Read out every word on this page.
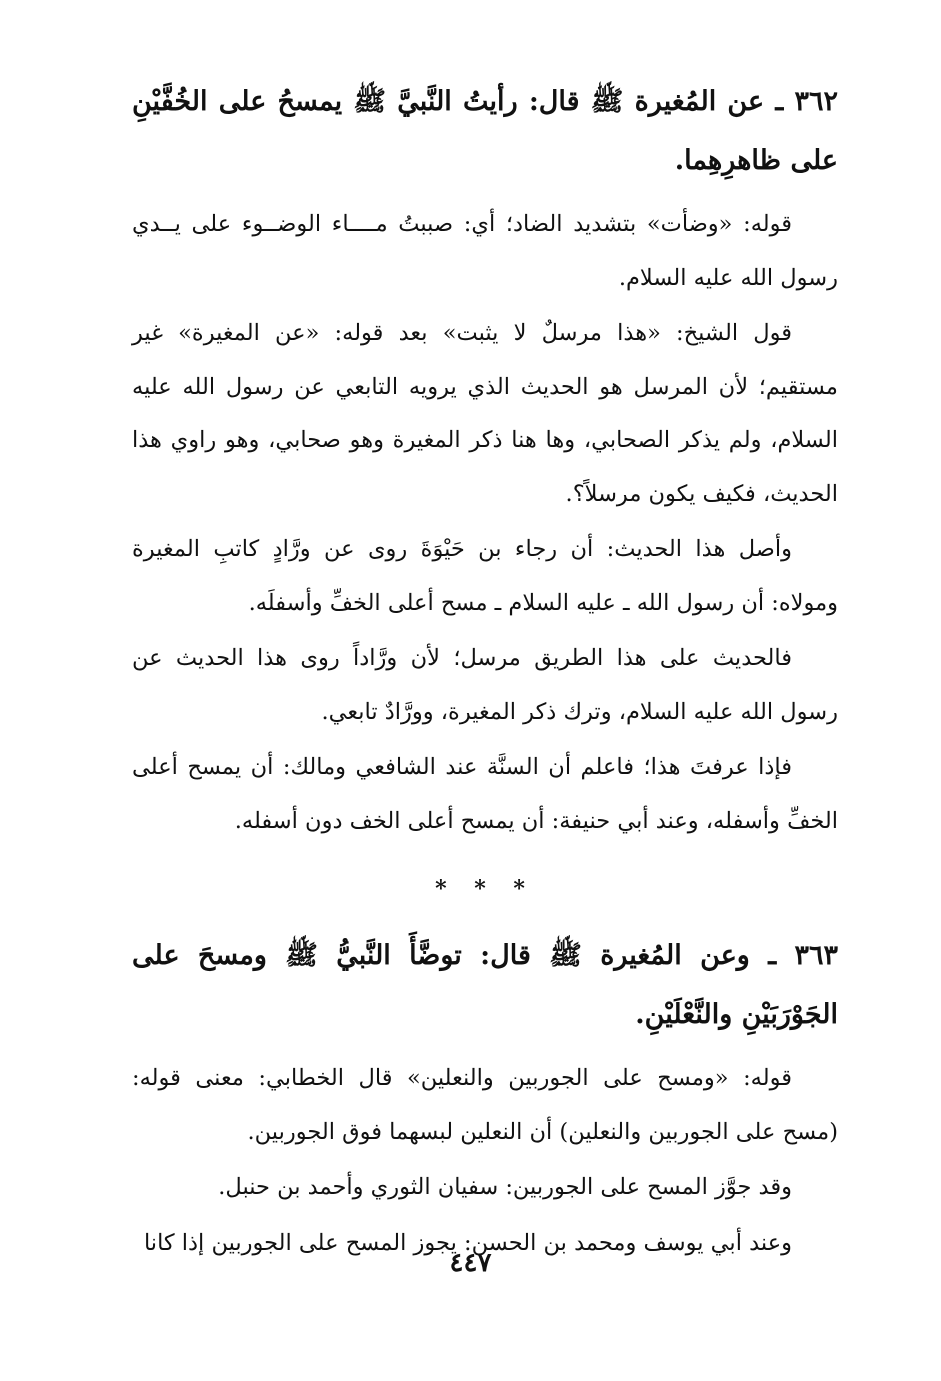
٣٦٢ ـ عن المُغيرة ﷺ قال: رأيتُ النَّبيَّ ﷺ يمسحُ على الخُفَّيْنِ على ظاهرِهِما.

قوله: «وضأت» بتشديد الضاد؛ أي: صببتُ مــــاء الوضــوء على يــدي رسول الله عليه السلام.

قول الشيخ: «هذا مرسلٌ لا يثبت» بعد قوله: «عن المغيرة» غير مستقيم؛ لأن المرسل هو الحديث الذي يرويه التابعي عن رسول الله عليه السلام، ولم يذكر الصحابي، وها هنا ذكر المغيرة وهو صحابي، وهو راوي هذا الحديث، فكيف يكون مرسلاً؟.

وأصل هذا الحديث: أن رجاء بن حَيْوَةَ روى عن ورَّادٍ كاتبِ المغيرة ومولاه: أن رسول الله ـ عليه السلام ـ مسح أعلى الخفِّ وأسفلَه.

فالحديث على هذا الطريق مرسل؛ لأن ورَّاداً روى هذا الحديث عن رسول الله عليه السلام، وترك ذكر المغيرة، وورَّادٌ تابعي.

فإذا عرفتَ هذا؛ فاعلم أن السنَّة عند الشافعي ومالك: أن يمسح أعلى الخفِّ وأسفله، وعند أبي حنيفة: أن يمسح أعلى الخف دون أسفله.

* * *

٣٦٣ ـ وعن المُغيرة ﷺ قال: توضَّأَ النَّبيُّ ﷺ ومسحَ على الجَوْرَبَيْنِ والنَّعْلَيْنِ.

قوله: «ومسح على الجوربين والنعلين» قال الخطابي: معنى قوله: (مسح على الجوربين والنعلين) أن النعلين لبسهما فوق الجوربين.

وقد جوَّز المسح على الجوربين: سفيان الثوري وأحمد بن حنبل.

وعند أبي يوسف ومحمد بن الحسن: يجوز المسح على الجوربين إذا كانا

٤٤٧
